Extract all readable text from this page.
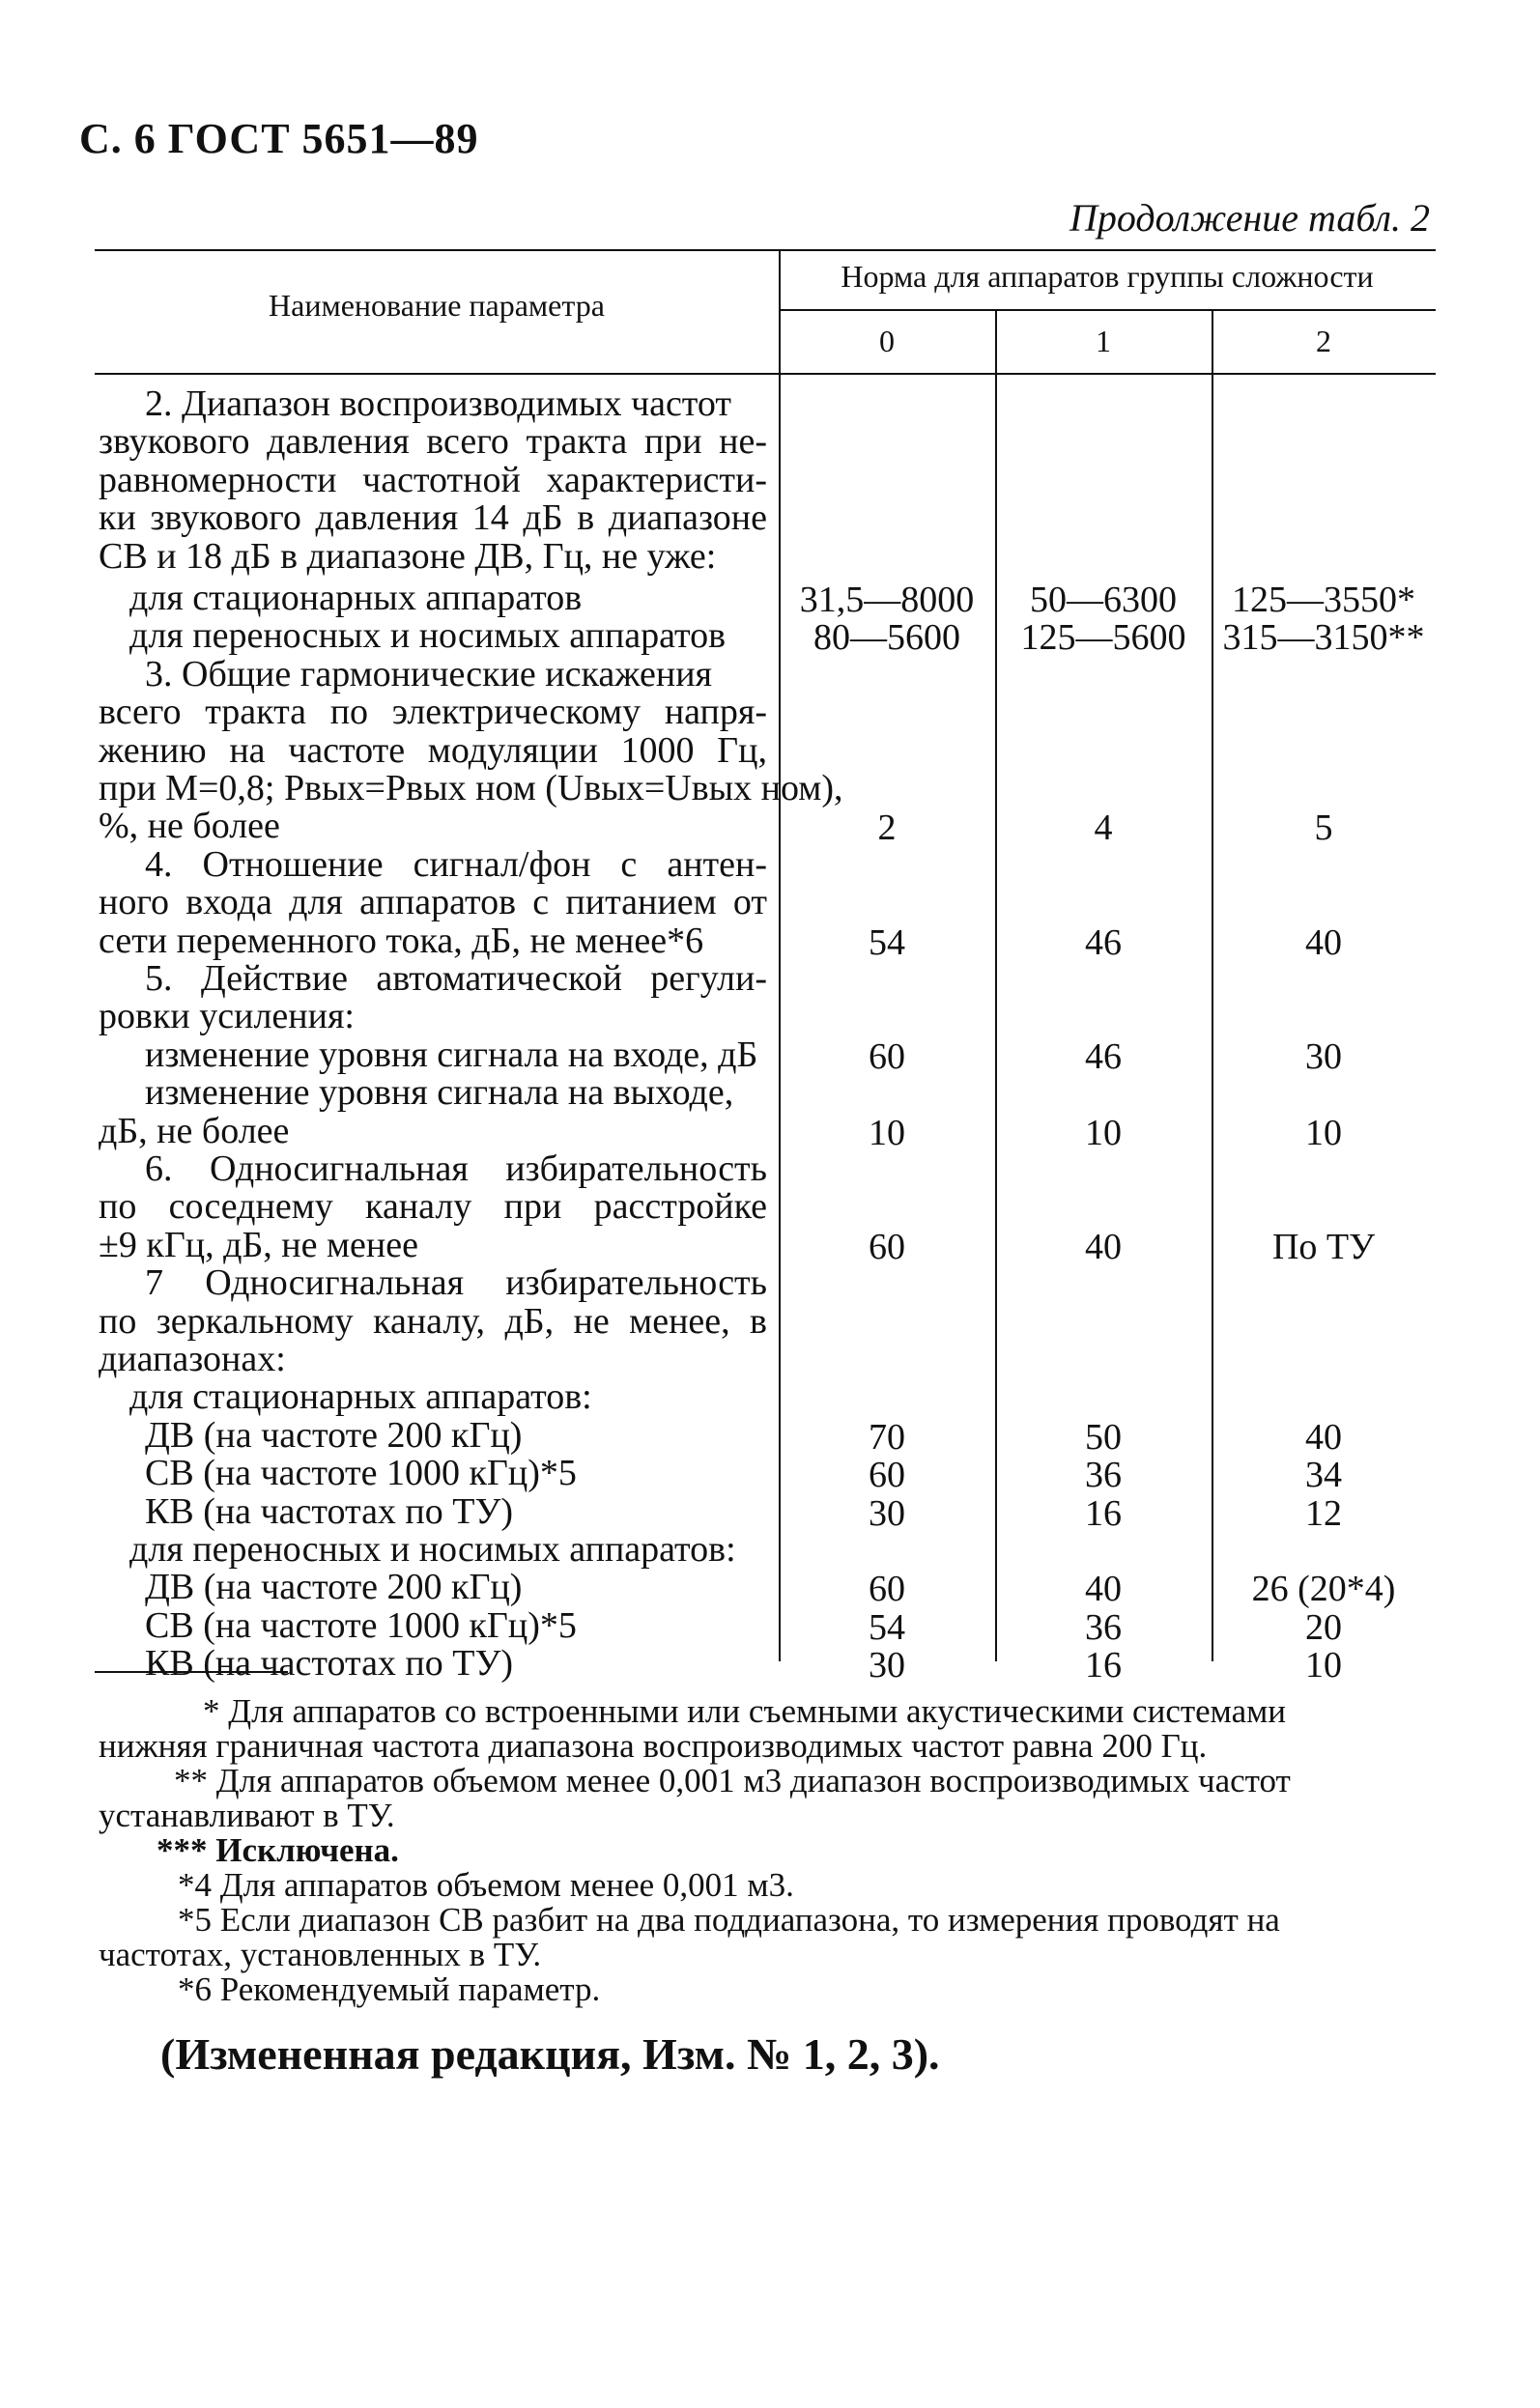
С. 6 ГОСТ 5651—89
Продолжение табл. 2
Наименование параметра
Норма для аппаратов группы сложности
0	1	2
2. Диапазон воспроизводимых частот
звукового давления всего тракта при не-
равномерности частотной характеристи-
ки звукового давления 14 дБ в диапазоне
СВ и 18 дБ в диапазоне ДВ, Гц, не уже:
для стационарных аппаратов	31,5—8000	50—6300	125—3550*
для переносных и носимых аппаратов	80—5600	125—5600	315—3150**
3. Общие гармонические искажения
всего тракта по электрическому напря-
жению на частоте модуляции 1000 Гц,
при M=0,8; Pвых=Pвых ном (Uвых=Uвых ном),
%, не более	2	4	5
4. Отношение сигнал/фон с антен-
ного входа для аппаратов с питанием от
сети переменного тока, дБ, не менее*6	54	46	40
5. Действие автоматической регули-
ровки усиления:
изменение уровня сигнала на входе, дБ	60	46	30
изменение уровня сигнала на выходе,
дБ, не более	10	10	10
6. Односигнальная избирательность
по соседнему каналу при расстройке
±9 кГц, дБ, не менее	60	40	По ТУ
7 Односигнальная избирательность
по зеркальному каналу, дБ, не менее, в
диапазонах:
для стационарных аппаратов:
ДВ (на частоте 200 кГц)	70	50	40
СВ (на частоте 1000 кГц)*5	60	36	34
КВ (на частотах по ТУ)	30	16	12
для переносных и носимых аппаратов:
ДВ (на частоте 200 кГц)	60	40	26 (20*4)
СВ (на частоте 1000 кГц)*5	54	36	20
КВ (на частотах по ТУ)	30	16	10
* Для аппаратов со встроенными или съемными акустическими системами
нижняя граничная частота диапазона воспроизводимых частот равна 200 Гц.
** Для аппаратов объемом менее 0,001 м3 диапазон воспроизводимых частот
устанавливают в ТУ.
*** Исключена.
*4 Для аппаратов объемом менее 0,001 м3.
*5 Если диапазон СВ разбит на два поддиапазона, то измерения проводят на
частотах, установленных в ТУ.
*6 Рекомендуемый параметр.
(Измененная редакция, Изм. № 1, 2, 3).
